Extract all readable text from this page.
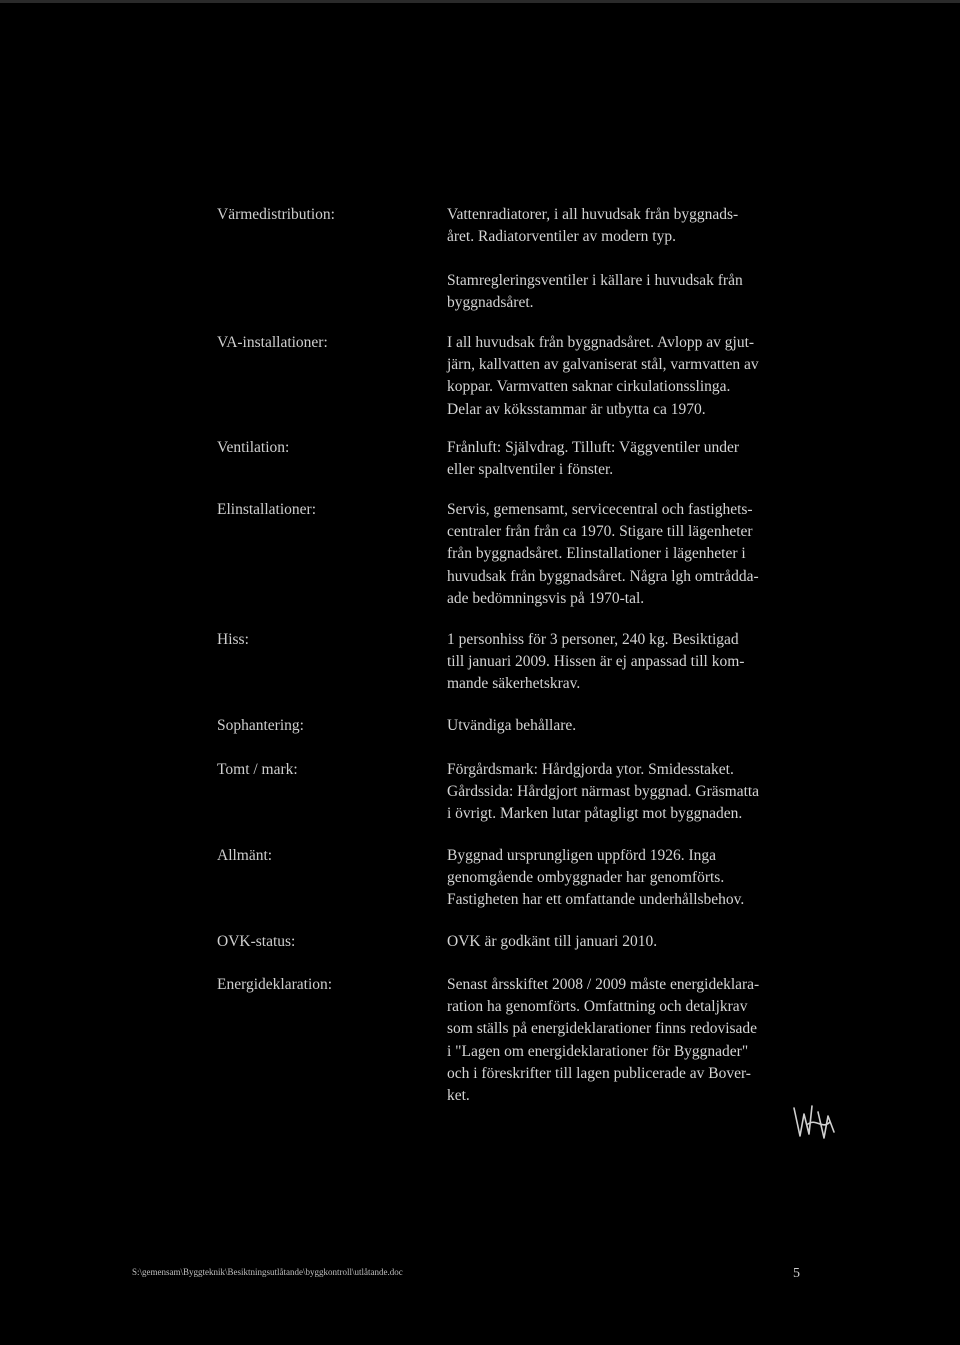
Värmedistribution:	Vattenradiatorer, i all huvudsak från byggnads-
året. Radiatorventiler av modern typ.
Stamregleringsventiler i källare i huvudsak från
byggnadsåret.
VA-installationer:	I all huvudsak från byggnadsåret. Avlopp av gjut-
järn, kallvatten av galvaniserat stål, varmvatten av
koppar. Varmvatten saknar cirkulationsslinga.
Delar av köksstammar är utbytta ca 1970.
Ventilation:	Frånluft: Självdrag. Tilluft: Väggventiler under
eller spaltventiler i fönster.
Elinstallationer:	Servis, gemensamt, servicecentral och fastighets-
centraler från från ca 1970. Stigare till lägenheter
från byggnadsåret. Elinstallationer i lägenheter i
huvudsak från byggnadsåret. Några lgh omtrådda-
ade bedömningsvis på 1970-tal.
Hiss:	1 personhiss för 3 personer, 240 kg. Besiktigad
till januari 2009. Hissen är ej anpassad till kom-
mande säkerhetskrav.
Sophantering:	Utvändiga behållare.
Tomt / mark:	Förgårdsmark: Hårdgjorda ytor. Smidesstaket.
Gårdssida: Hårdgjort närmast byggnad. Gräsmatta
i övrigt. Marken lutar påtagligt mot byggnaden.
Allmänt:	Byggnad ursprungligen uppförd 1926. Inga
genomgående ombyggnader har genomförts.
Fastigheten har ett omfattande underhållsbehov.
OVK-status:	OVK är godkänt till januari 2010.
Energideklaration:	Senast årsskiftet 2008 / 2009 måste energideklara-
ration ha genomförts. Omfattning och detaljkrav
som ställs på energideklarationer finns redovisade
i "Lagen om energideklarationer för Byggnader"
och i föreskrifter till lagen publicerade av Bover-
ket.
S:\gemensam\Byggteknik\Besiktningsutlåtande\byggkontroll\utlåtande.doc	5
